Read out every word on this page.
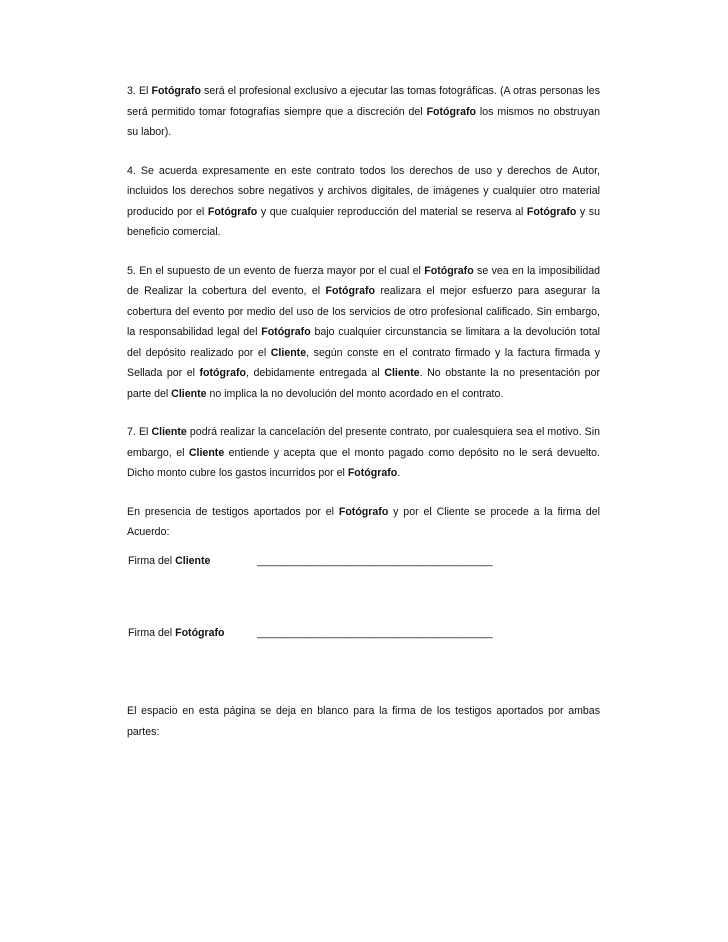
3. El Fotógrafo será el profesional exclusivo a ejecutar las tomas fotográficas. (A otras personas les será permitido tomar fotografías siempre que a discreción del Fotógrafo los mismos no obstruyan su labor).

4. Se acuerda expresamente en este contrato todos los derechos de uso y derechos de Autor, incluidos los derechos sobre negativos y archivos digitales, de imágenes y cualquier otro material producido por el Fotógrafo y que cualquier reproducción del material se reserva al Fotógrafo y su beneficio comercial.

5. En el supuesto de un evento de fuerza mayor por el cual el Fotógrafo se vea en la imposibilidad de Realizar la cobertura del evento, el Fotógrafo realizara el mejor esfuerzo para asegurar la cobertura del evento por medio del uso de los servicios de otro profesional calificado. Sin embargo, la responsabilidad legal del Fotógrafo bajo cualquier circunstancia se limitara a la devolución total del depósito realizado por el Cliente, según conste en el contrato firmado y la factura firmada y Sellada por el fotógrafo, debidamente entregada al Cliente. No obstante la no presentación por parte del Cliente no implica la no devolución del monto acordado en el contrato.

7. El Cliente podrá realizar la cancelación del presente contrato, por cualesquiera sea el motivo. Sin embargo, el Cliente entiende y acepta que el monto pagado como depósito no le será devuelto. Dicho monto cubre los gastos incurridos por el Fotógrafo.

En presencia de testigos aportados por el Fotógrafo y por el Cliente se procede a la firma del Acuerdo:

Firma del Cliente	________________________________________
Firma del Fotógrafo	________________________________________

El espacio en esta página se deja en blanco para la firma de los testigos aportados por ambas partes:
